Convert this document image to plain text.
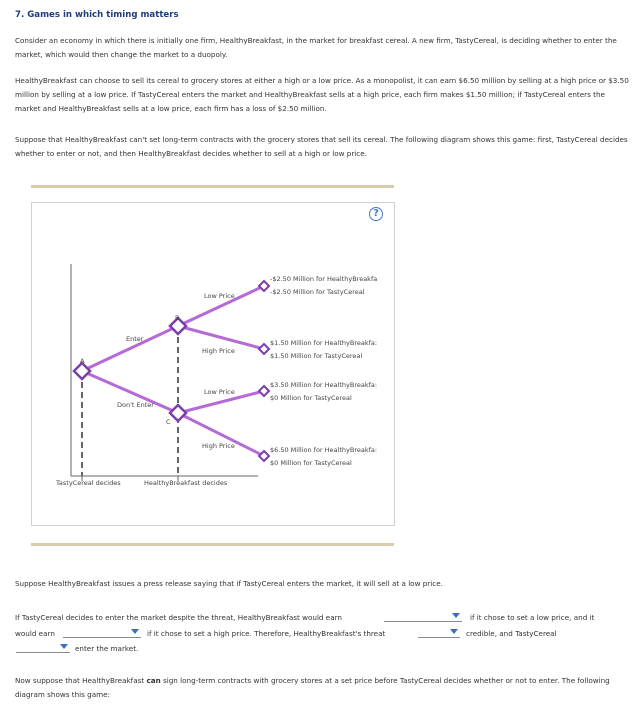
7. Games in which timing matters
Consider an economy in which there is initially one firm, HealthyBreakfast, in the market for breakfast cereal. A new firm, TastyCereal, is deciding whether to enter the market, which would then change the market to a duopoly.
HealthyBreakfast can choose to sell its cereal to grocery stores at either a high or a low price. As a monopolist, it can earn $6.50 million by selling at a high price or $3.50 million by selling at a low price. If TastyCereal enters the market and HealthyBreakfast sells at a high price, each firm makes $1.50 million; if TastyCereal enters the market and HealthyBreakfast sells at a low price, each firm has a loss of $2.50 million.
Suppose that HealthyBreakfast can't set long-term contracts with the grocery stores that sell its cereal. The following diagram shows this game: first, TastyCereal decides whether to enter or not, and then HealthyBreakfast decides whether to sell at a high or low price.
?
A
B
C
Enter
Don't Enter
Low Price
High Price
Low Price
High Price
-$2.50 Million for HealthyBreakfa
-$2.50 Million for TastyCereal
$1.50 Million for HealthyBreakfa:
$1.50 Million for TastyCereal
$3.50 Million for HealthyBreakfa:
$0 Million for TastyCereal
$6.50 Million for HealthyBreakfa:
$0 Million for TastyCereal
TastyCereal decides	HealthyBreakfast decides
Suppose HealthyBreakfast issues a press release saying that if TastyCereal enters the market, it will sell at a low price.
If TastyCereal decides to enter the market despite the threat, HealthyBreakfast would earn	if it chose to set a low price, and it
would earn	if it chose to set a high price. Therefore, HealthyBreakfast's threat	credible, and TastyCereal
enter the market.
Now suppose that HealthyBreakfast can sign long-term contracts with grocery stores at a set price before TastyCereal decides whether or not to enter. The following diagram shows this game:
